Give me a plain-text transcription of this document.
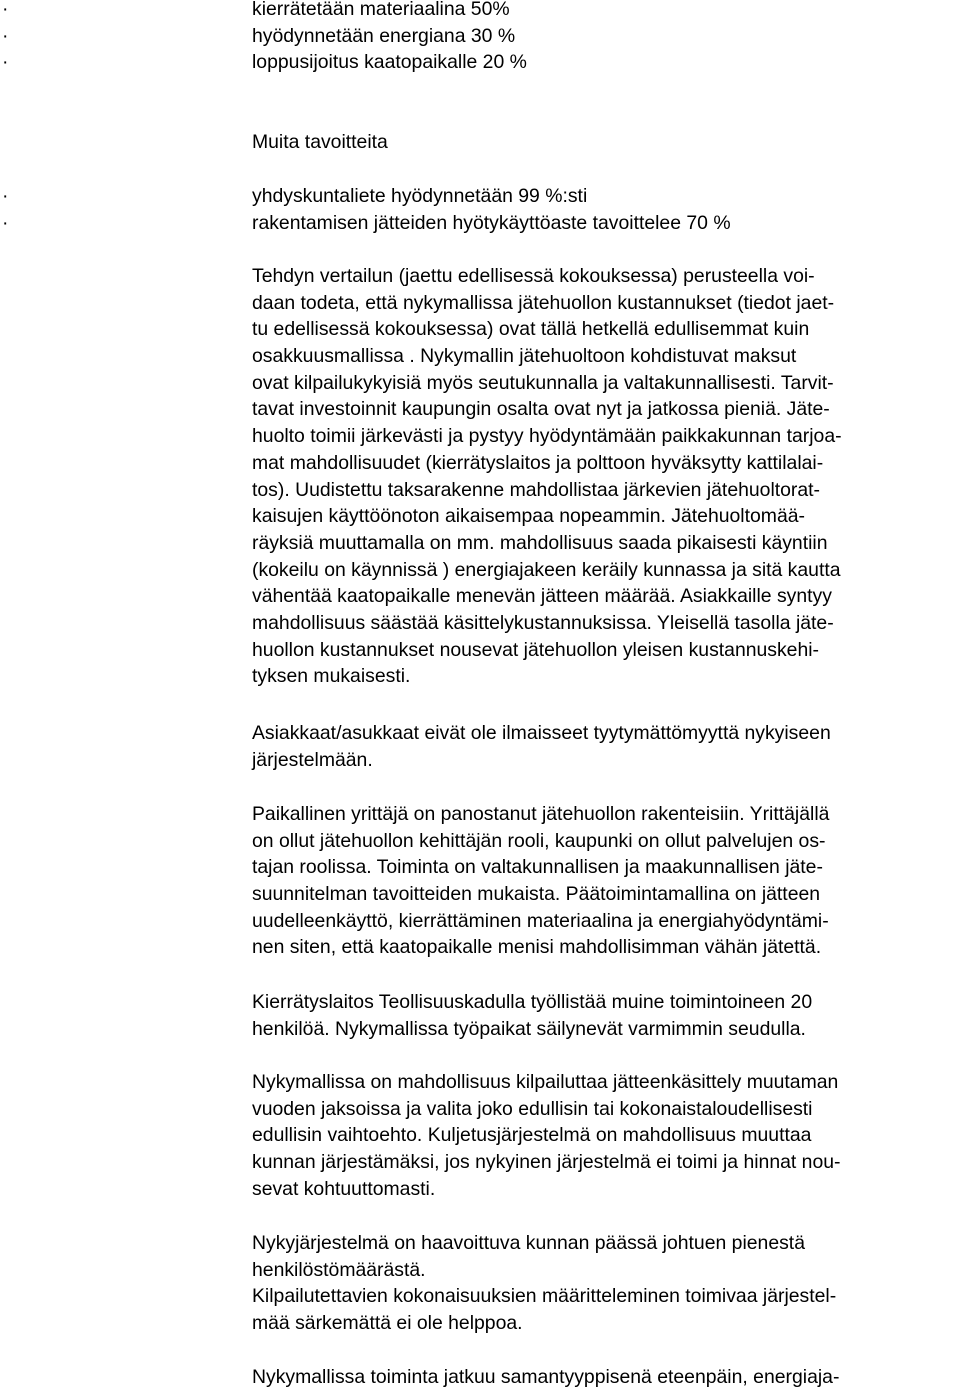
kierrätetään materiaalina 50%
hyödynnetään energiana 30 %
loppusijoitus kaatopaikalle 20 %
·
·
·
Muita tavoitteita
yhdyskuntaliete hyödynnetään 99 %:sti
rakentamisen jätteiden hyötykäyttöaste tavoittelee 70 %
·
·
Tehdyn vertailun (jaettu edellisessä kokouksessa) perusteella voi-
daan todeta, että nykymallissa jätehuollon kustannukset (tiedot jaet-
tu edellisessä kokouksessa) ovat tällä hetkellä edullisemmat kuin
osakkuusmallissa . Nykymallin jätehuoltoon kohdistuvat maksut
ovat kilpailukykyisiä myös seutukunnalla ja valtakunnallisesti. Tarvit-
tavat investoinnit kaupungin osalta ovat nyt ja jatkossa pieniä. Jäte-
huolto toimii järkevästi ja pystyy hyödyntämään paikkakunnan tarjoa-
mat mahdollisuudet (kierrätyslaitos ja polttoon hyväksytty kattilalai-
tos). Uudistettu taksarakenne mahdollistaa järkevien jätehuoltorat-
kaisujen käyttöönoton aikaisempaa nopeammin. Jätehuoltomää-
räyksiä muuttamalla on mm. mahdollisuus saada pikaisesti käyntiin
(kokeilu on käynnissä ) energiajakeen keräily kunnassa ja sitä kautta
vähentää kaatopaikalle menevän jätteen määrää. Asiakkaille syntyy
mahdollisuus säästää käsittelykustannuksissa. Yleisellä tasolla jäte-
huollon kustannukset nousevat jätehuollon yleisen kustannuskehi-
tyksen mukaisesti.
Asiakkaat/asukkaat eivät ole ilmaisseet tyytymättömyyttä nykyiseen
järjestelmään.
Paikallinen yrittäjä on panostanut jätehuollon rakenteisiin. Yrittäjällä
on ollut jätehuollon kehittäjän rooli, kaupunki on ollut palvelujen os-
tajan roolissa. Toiminta on valtakunnallisen ja maakunnallisen jäte-
suunnitelman tavoitteiden mukaista. Päätoimintamallina on jätteen
uudelleenkäyttö, kierrättäminen materiaalina ja energiahyödyntämi-
nen siten, että kaatopaikalle menisi mahdollisimman vähän jätettä.
Kierrätyslaitos Teollisuuskadulla työllistää muine toimintoineen 20
henkilöä. Nykymallissa työpaikat säilynevät varmimmin seudulla.
Nykymallissa on mahdollisuus kilpailuttaa jätteenkäsittely muutaman
vuoden jaksoissa ja valita joko edullisin tai kokonaistaloudellisesti
edullisin vaihtoehto. Kuljetusjärjestelmä on mahdollisuus muuttaa
kunnan järjestämäksi, jos nykyinen järjestelmä ei toimi ja hinnat nou-
sevat kohtuuttomasti.
Nykyjärjestelmä on haavoittuva kunnan päässä johtuen pienestä
henkilöstömäärästä.
Kilpailutettavien kokonaisuuksien määritteleminen toimivaa järjestel-
mää särkemättä ei ole helppoa.
Nykymallissa toiminta jatkuu samantyyppisenä eteenpäin, energiaja-
